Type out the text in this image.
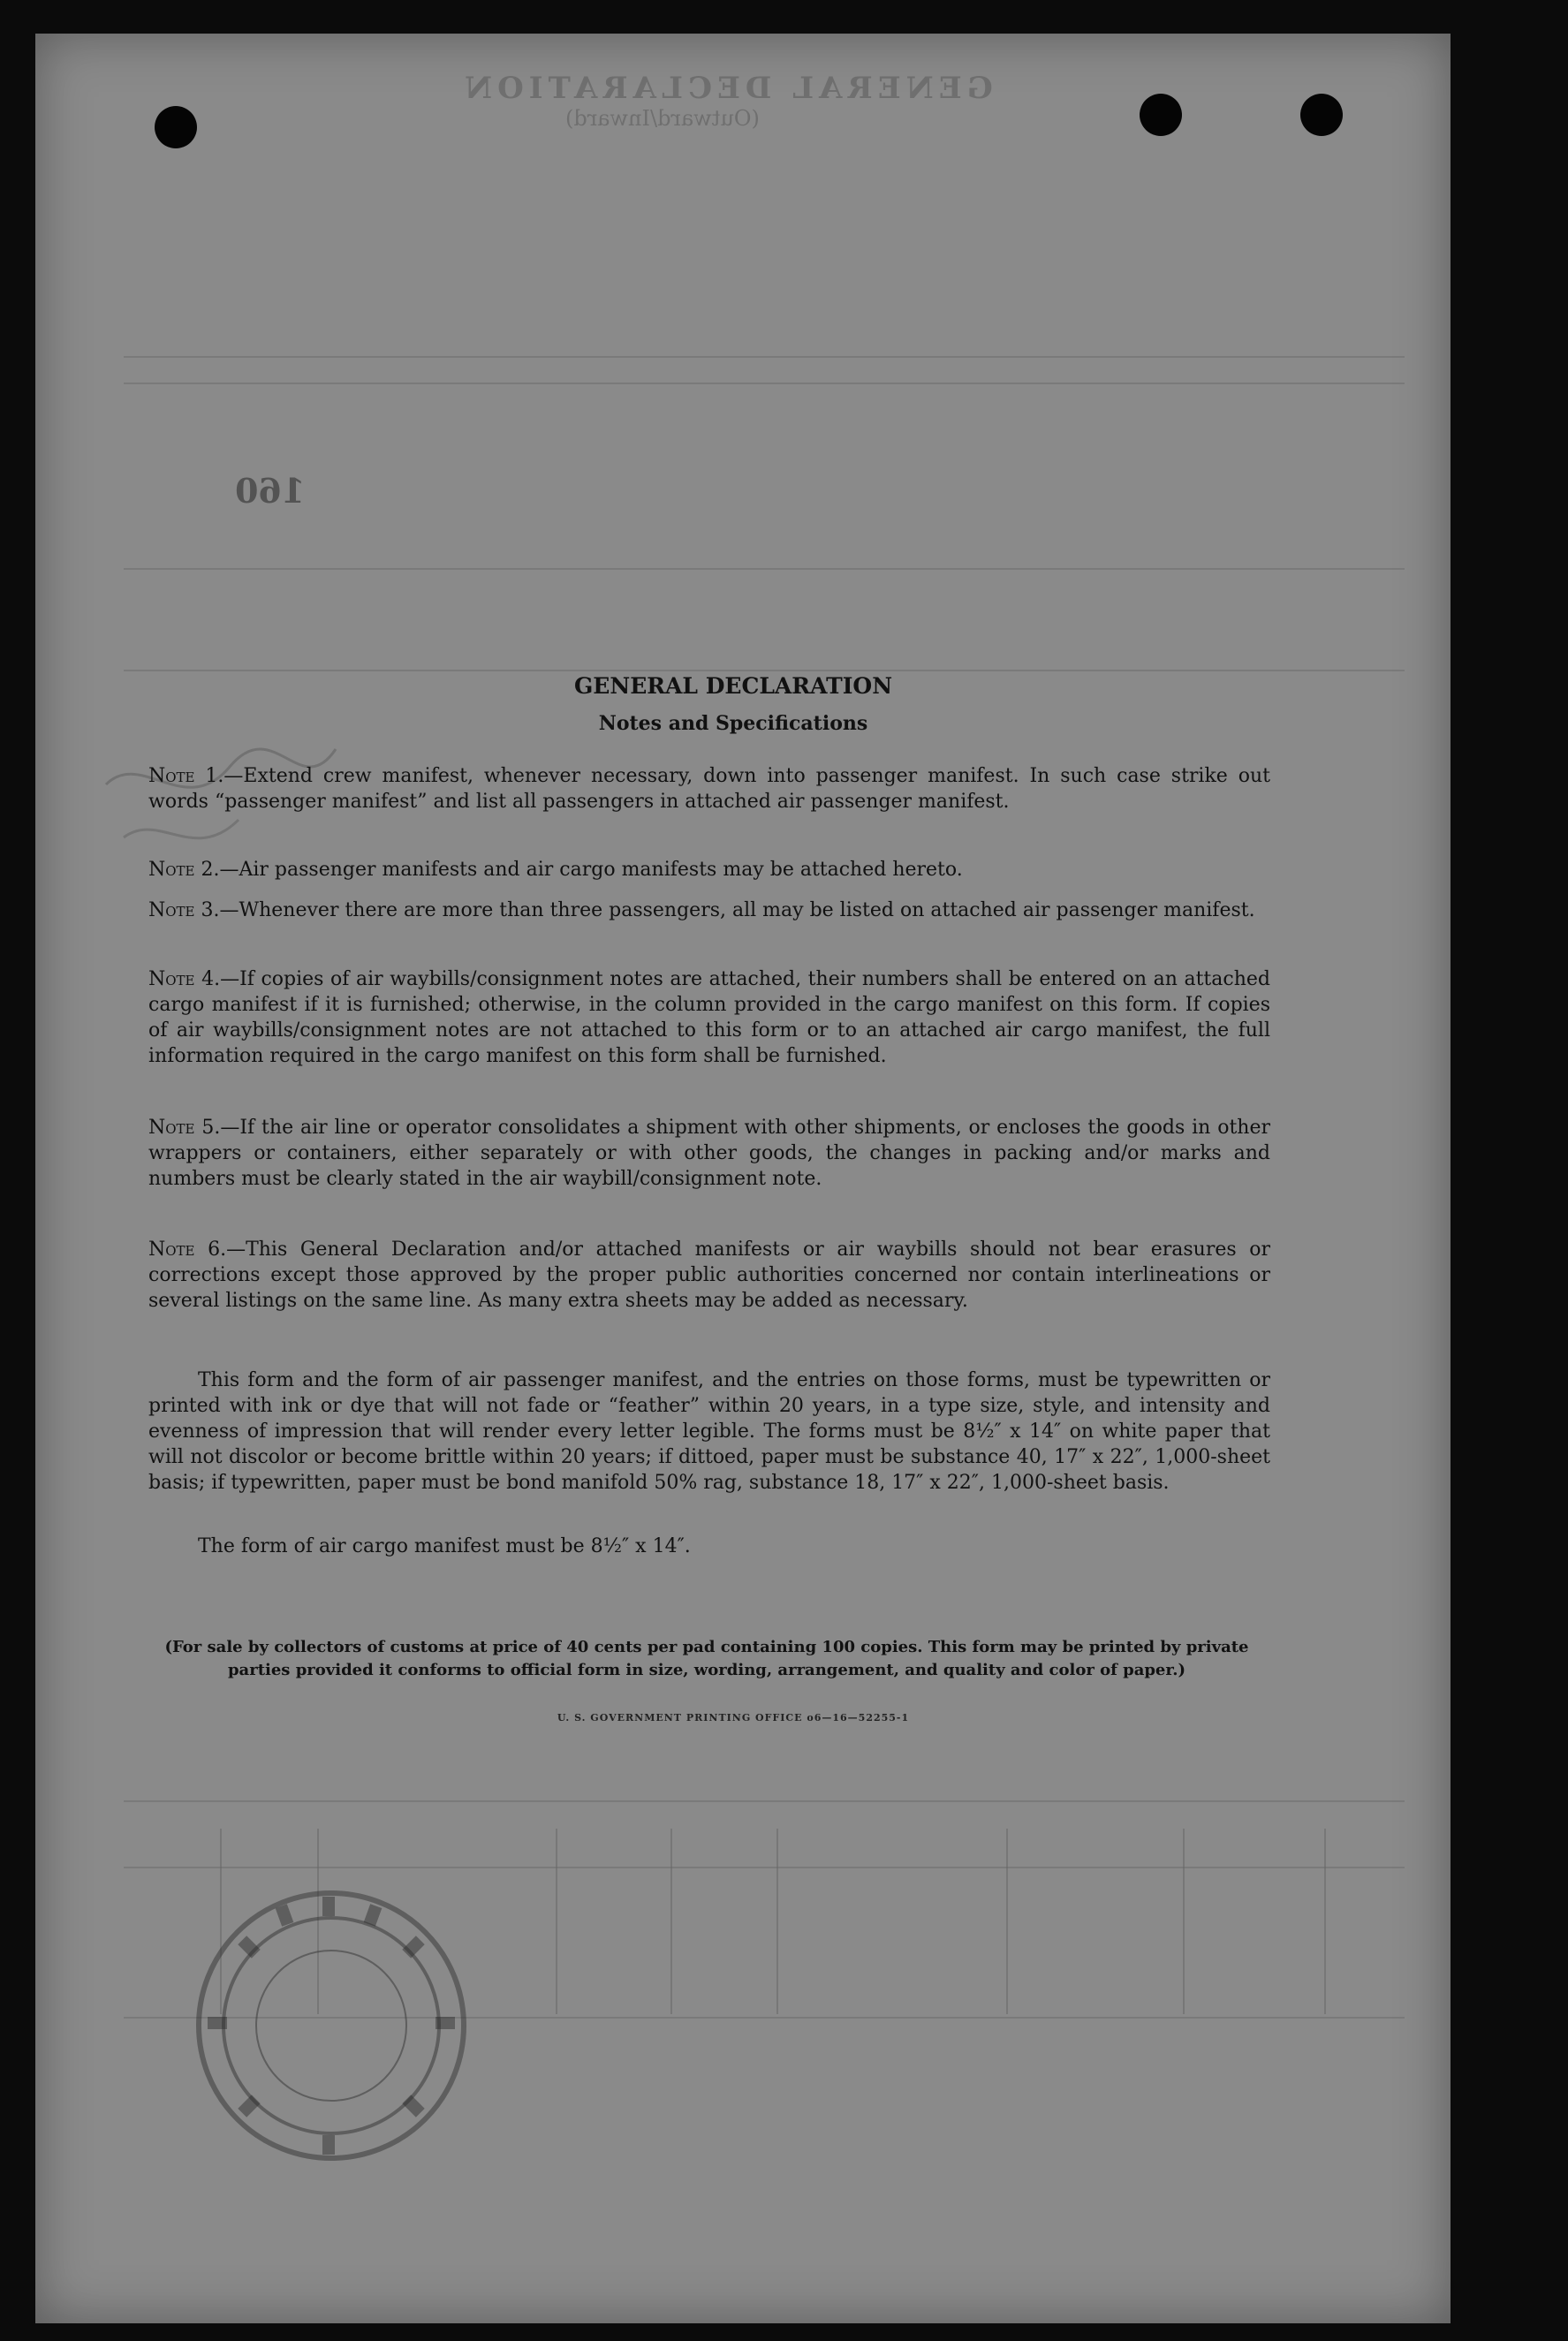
GENERAL DECLARATION
(Outward/Inward)
160
GENERAL DECLARATION
Notes and Specifications
Note 1.—Extend crew manifest, whenever necessary, down into passenger manifest. In such case strike out words “passenger manifest” and list all passengers in attached air passenger manifest.
Note 2.—Air passenger manifests and air cargo manifests may be attached hereto.
Note 3.—Whenever there are more than three passengers, all may be listed on attached air passenger manifest.
Note 4.—If copies of air waybills/consignment notes are attached, their numbers shall be entered on an attached cargo manifest if it is furnished; otherwise, in the column provided in the cargo manifest on this form. If copies of air waybills/consignment notes are not attached to this form or to an attached air cargo manifest, the full information required in the cargo manifest on this form shall be furnished.
Note 5.—If the air line or operator consolidates a shipment with other shipments, or encloses the goods in other wrappers or containers, either separately or with other goods, the changes in packing and/or marks and numbers must be clearly stated in the air waybill/consignment note.
Note 6.—This General Declaration and/or attached manifests or air waybills should not bear erasures or corrections except those approved by the proper public authorities concerned nor contain interlineations or several listings on the same line. As many extra sheets may be added as necessary.
This form and the form of air passenger manifest, and the entries on those forms, must be typewritten or printed with ink or dye that will not fade or “feather” within 20 years, in a type size, style, and intensity and evenness of impression that will render every letter legible. The forms must be 8½″ x 14″ on white paper that will not discolor or become brittle within 20 years; if dittoed, paper must be substance 40, 17″ x 22″, 1,000-sheet basis; if typewritten, paper must be bond manifold 50% rag, substance 18, 17″ x 22″, 1,000-sheet basis.
The form of air cargo manifest must be 8½″ x 14″.
(For sale by collectors of customs at price of 40 cents per pad containing 100 copies. This form may be printed by private parties provided it conforms to official form in size, wording, arrangement, and quality and color of paper.)
U. S. GOVERNMENT PRINTING OFFICE o6—16—52255-1
